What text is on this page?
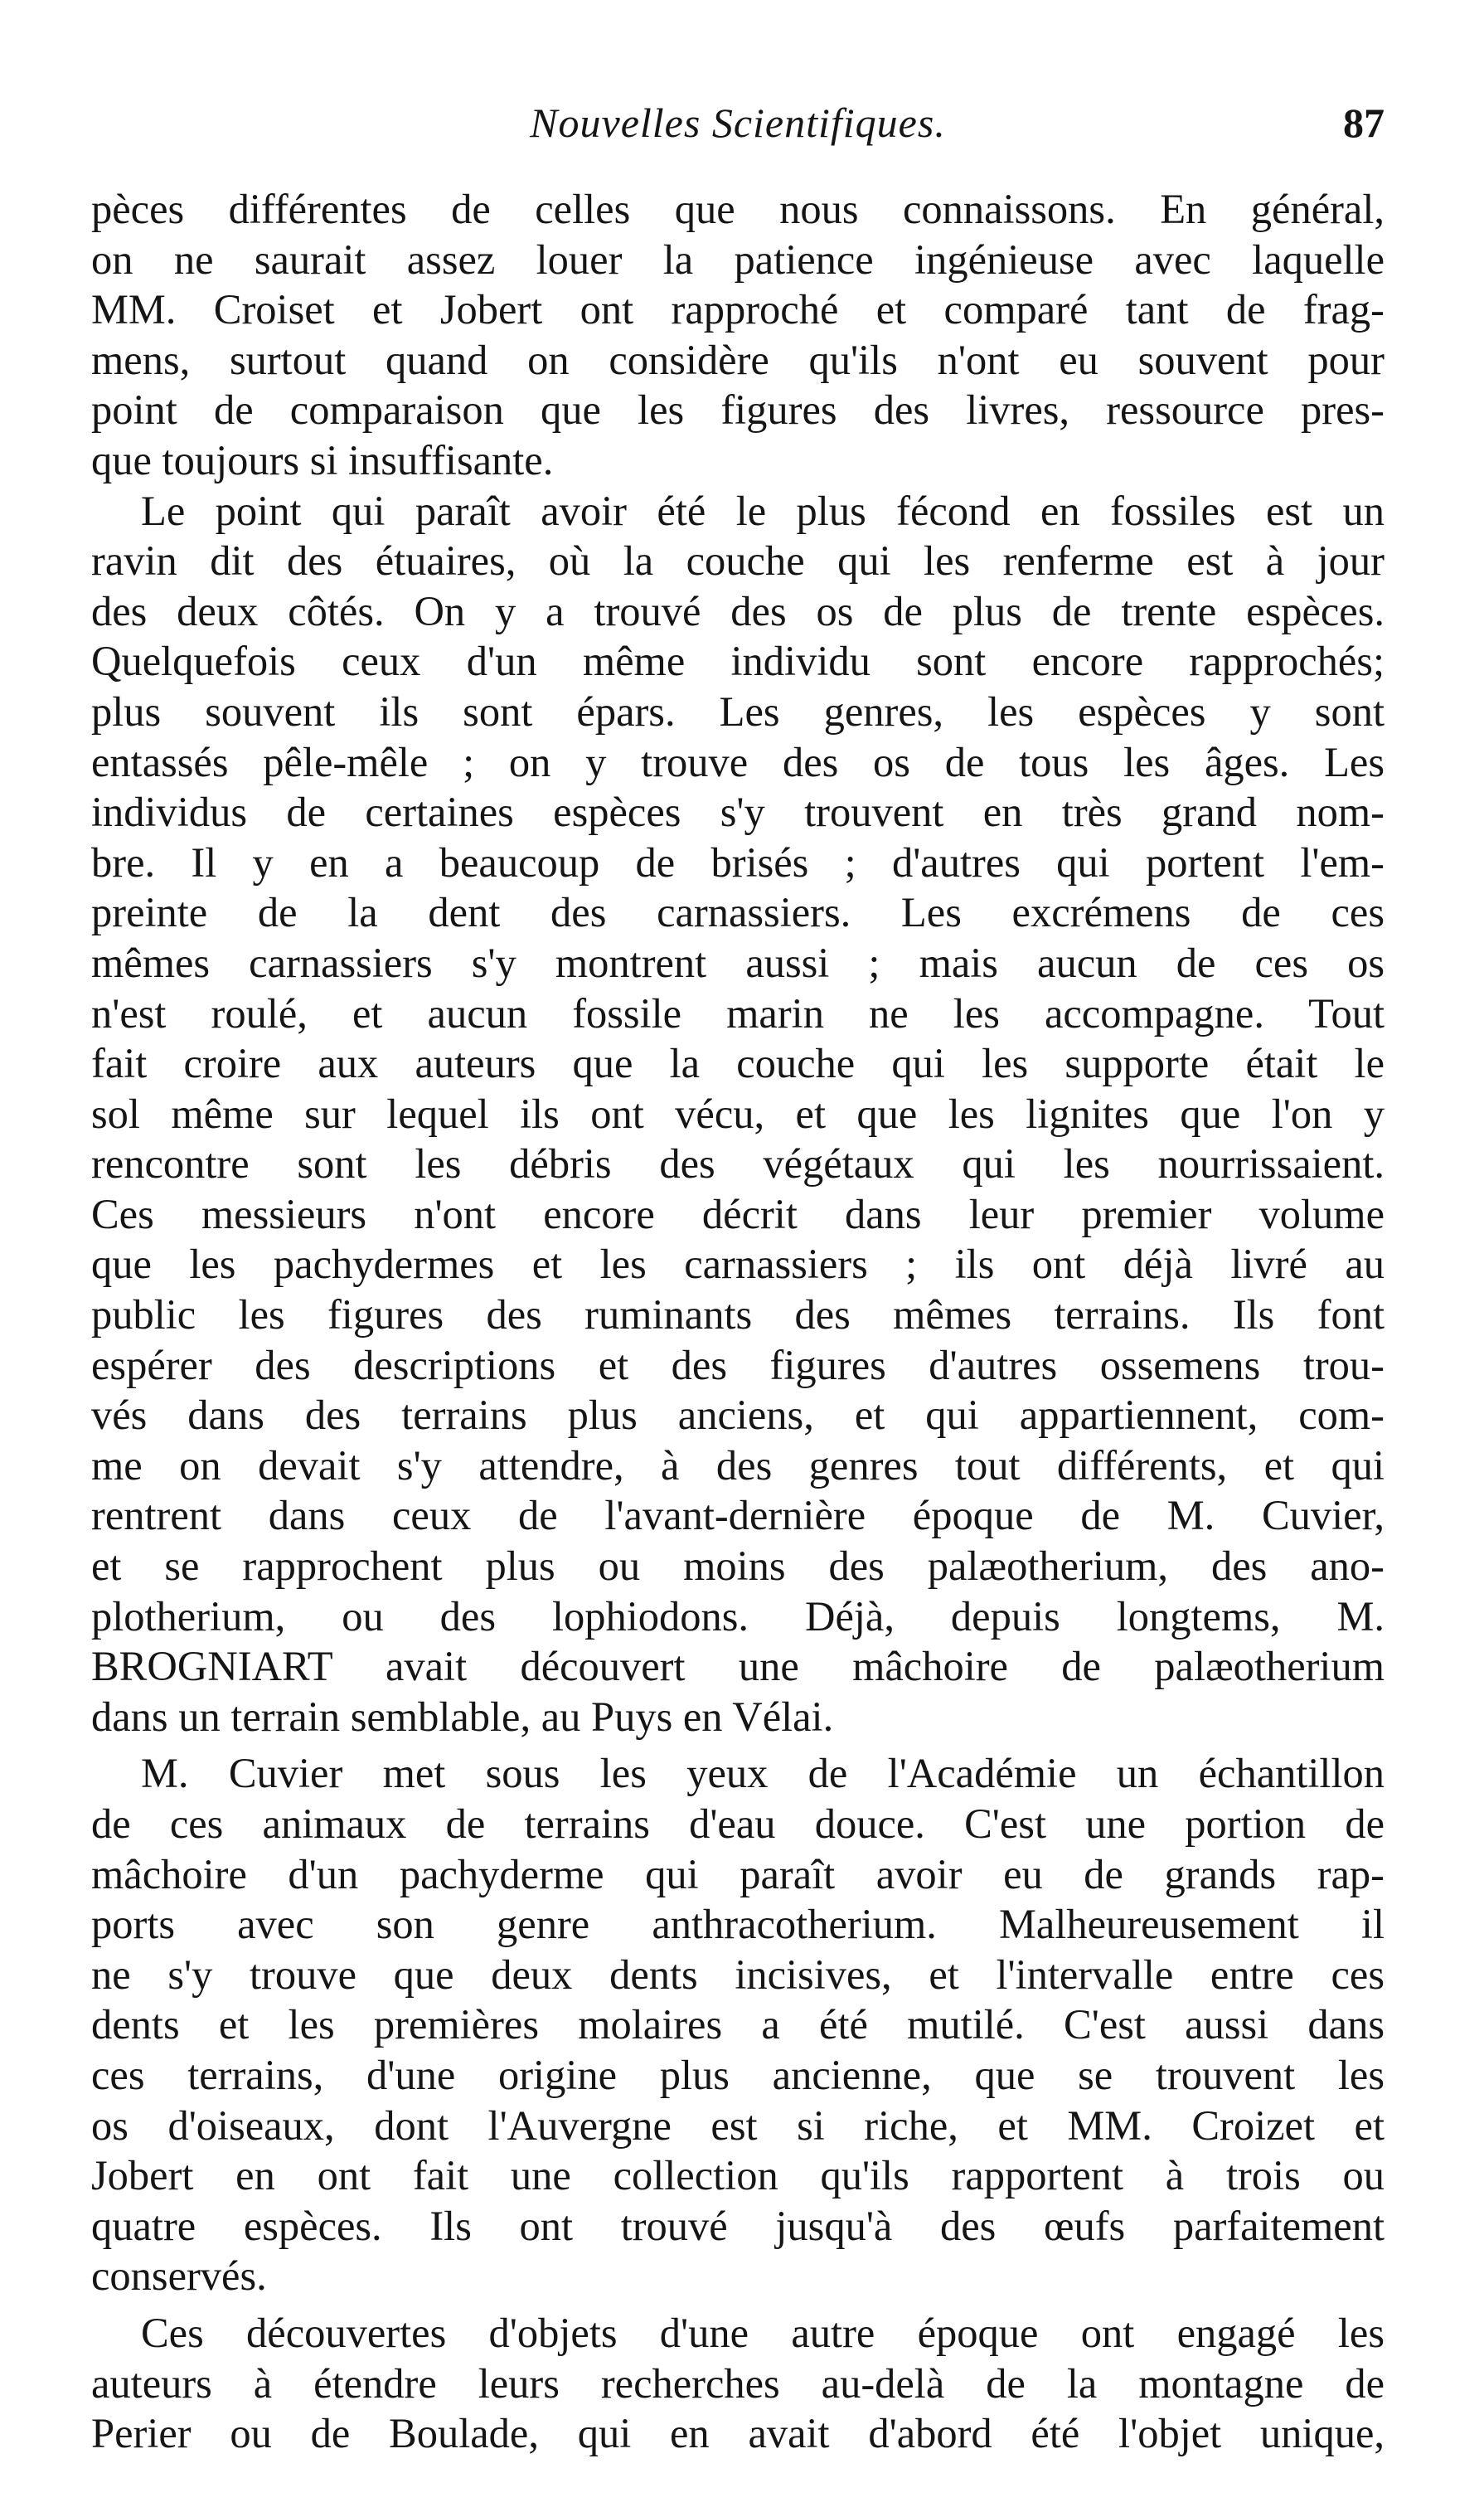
Nouvelles Scientifiques.	87
pèces différentes de celles que nous connaissons. En général,
on ne saurait assez louer la patience ingénieuse avec laquelle
MM. Croiset et Jobert ont rapproché et comparé tant de frag-
mens, surtout quand on considère qu'ils n'ont eu souvent pour
point de comparaison que les figures des livres, ressource pres-
que toujours si insuffisante.
Le point qui paraît avoir été le plus fécond en fossiles est un
ravin dit des étuaires, où la couche qui les renferme est à jour
des deux côtés. On y a trouvé des os de plus de trente espèces.
Quelquefois ceux d'un même individu sont encore rapprochés;
plus souvent ils sont épars. Les genres, les espèces y sont
entassés pêle-mêle ; on y trouve des os de tous les âges. Les
individus de certaines espèces s'y trouvent en très grand nom-
bre. Il y en a beaucoup de brisés ; d'autres qui portent l'em-
preinte de la dent des carnassiers. Les excrémens de ces
mêmes carnassiers s'y montrent aussi ; mais aucun de ces os
n'est roulé, et aucun fossile marin ne les accompagne. Tout
fait croire aux auteurs que la couche qui les supporte était le
sol même sur lequel ils ont vécu, et que les lignites que l'on y
rencontre sont les débris des végétaux qui les nourrissaient.
Ces messieurs n'ont encore décrit dans leur premier volume
que les pachydermes et les carnassiers ; ils ont déjà livré au
public les figures des ruminants des mêmes terrains. Ils font
espérer des descriptions et des figures d'autres ossemens trou-
vés dans des terrains plus anciens, et qui appartiennent, com-
me on devait s'y attendre, à des genres tout différents, et qui
rentrent dans ceux de l'avant-dernière époque de M. Cuvier,
et se rapprochent plus ou moins des palæotherium, des ano-
plotherium, ou des lophiodons. Déjà, depuis longtems, M.
BROGNIART avait découvert une mâchoire de palæotherium
dans un terrain semblable, au Puys en Vélai.
M. Cuvier met sous les yeux de l'Académie un échantillon
de ces animaux de terrains d'eau douce. C'est une portion de
mâchoire d'un pachyderme qui paraît avoir eu de grands rap-
ports avec son genre anthracotherium. Malheureusement il
ne s'y trouve que deux dents incisives, et l'intervalle entre ces
dents et les premières molaires a été mutilé. C'est aussi dans
ces terrains, d'une origine plus ancienne, que se trouvent les
os d'oiseaux, dont l'Auvergne est si riche, et MM. Croizet et
Jobert en ont fait une collection qu'ils rapportent à trois ou
quatre espèces. Ils ont trouvé jusqu'à des œufs parfaitement
conservés.
Ces découvertes d'objets d'une autre époque ont engagé les
auteurs à étendre leurs recherches au-delà de la montagne de
Perier ou de Boulade, qui en avait d'abord été l'objet unique,
